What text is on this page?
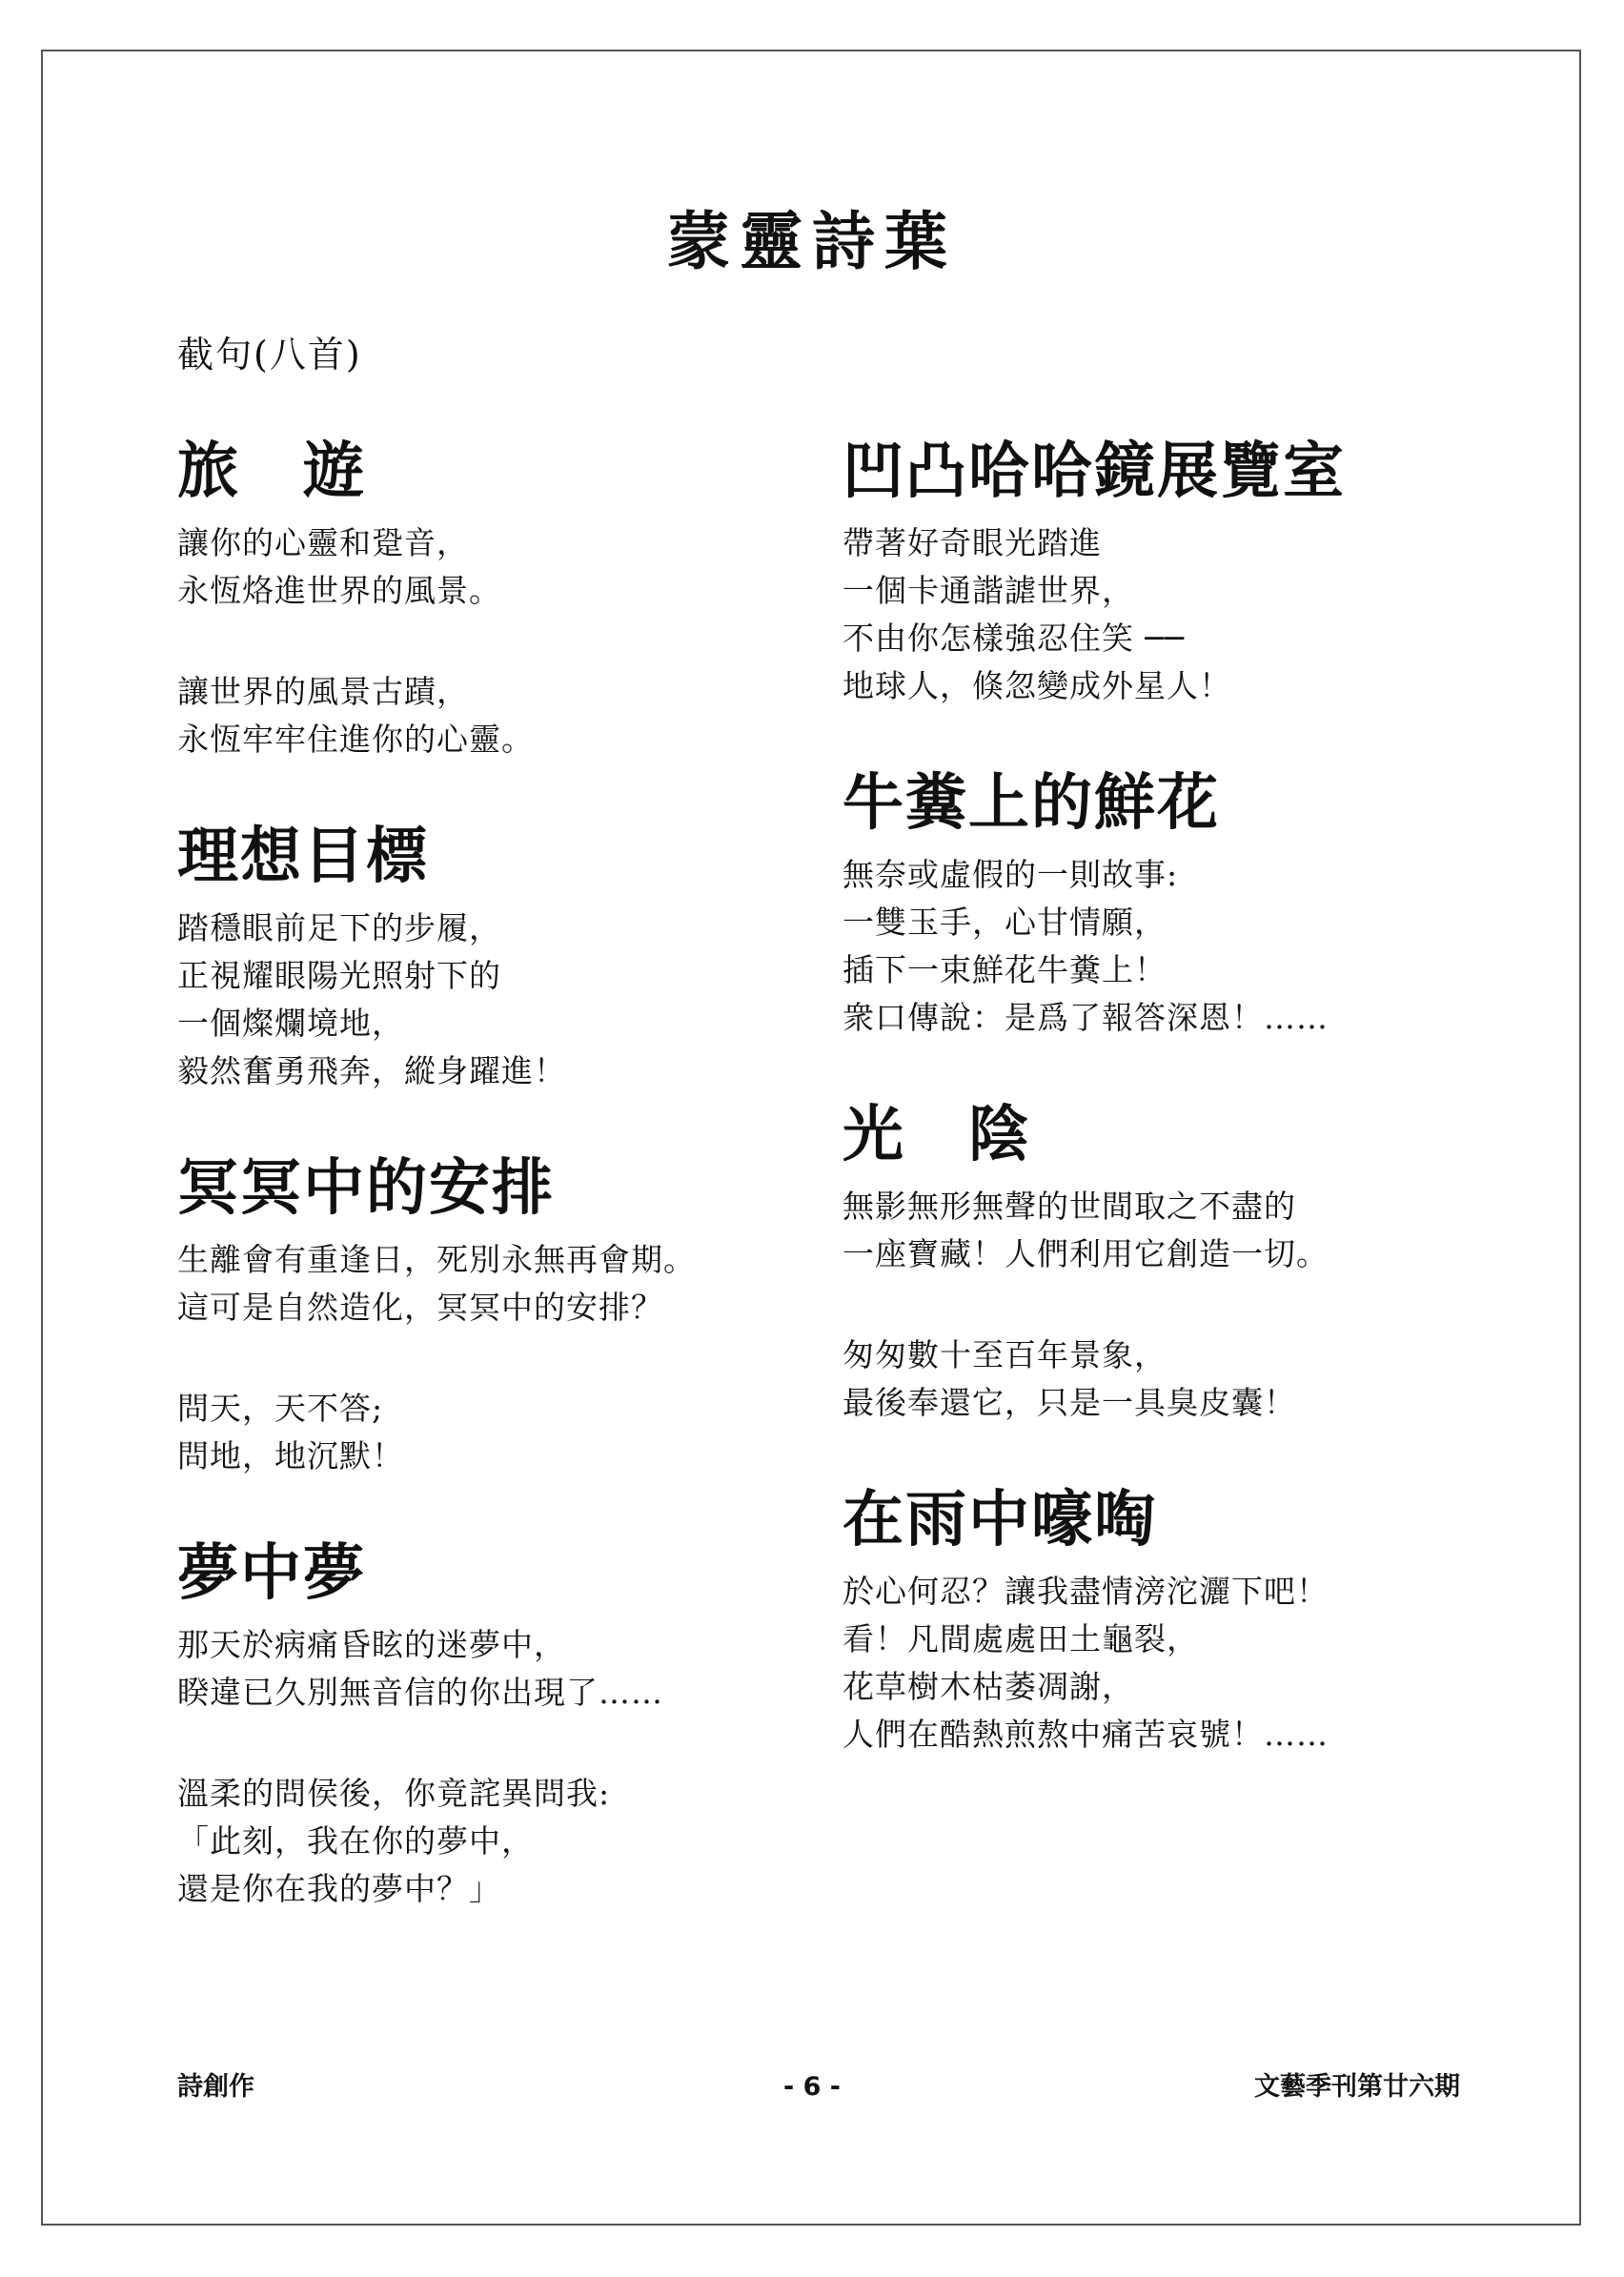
蒙靈詩葉
截句(八首)
旅　遊
讓你的心靈和跫音，
永恆烙進世界的風景。
讓世界的風景古蹟，
永恆牢牢住進你的心靈。
理想目標
踏穩眼前足下的步履，
正視耀眼陽光照射下的
一個燦爛境地，
毅然奮勇飛奔，縱身躍進！
冥冥中的安排
生離會有重逢日，死別永無再會期。
這可是自然造化，冥冥中的安排？
問天，天不答;
問地，地沉默！
夢中夢
那天於病痛昏眩的迷夢中，
睽違已久別無音信的你出現了……
溫柔的問侯後，你竟詫異問我:
「此刻，我在你的夢中，
還是你在我的夢中？」
凹凸哈哈鏡展覽室
帶著好奇眼光踏進
一個卡通諧謔世界，
不由你怎樣強忍住笑 ──
地球人，倏忽變成外星人！
牛糞上的鮮花
無奈或虛假的一則故事:
一雙玉手，心甘情願，
插下一束鮮花牛糞上！
衆口傳說：是爲了報答深恩！……
光　陰
無影無形無聲的世間取之不盡的
一座寶藏！人們利用它創造一切。
匆匆數十至百年景象，
最後奉還它，只是一具臭皮囊！
在雨中嚎啕
於心何忍？讓我盡情滂沱灑下吧！
看！凡間處處田土龜裂，
花草樹木枯萎凋謝，
人們在酷熱煎熬中痛苦哀號！……
詩創作	- 6 -	文藝季刊第廿六期
